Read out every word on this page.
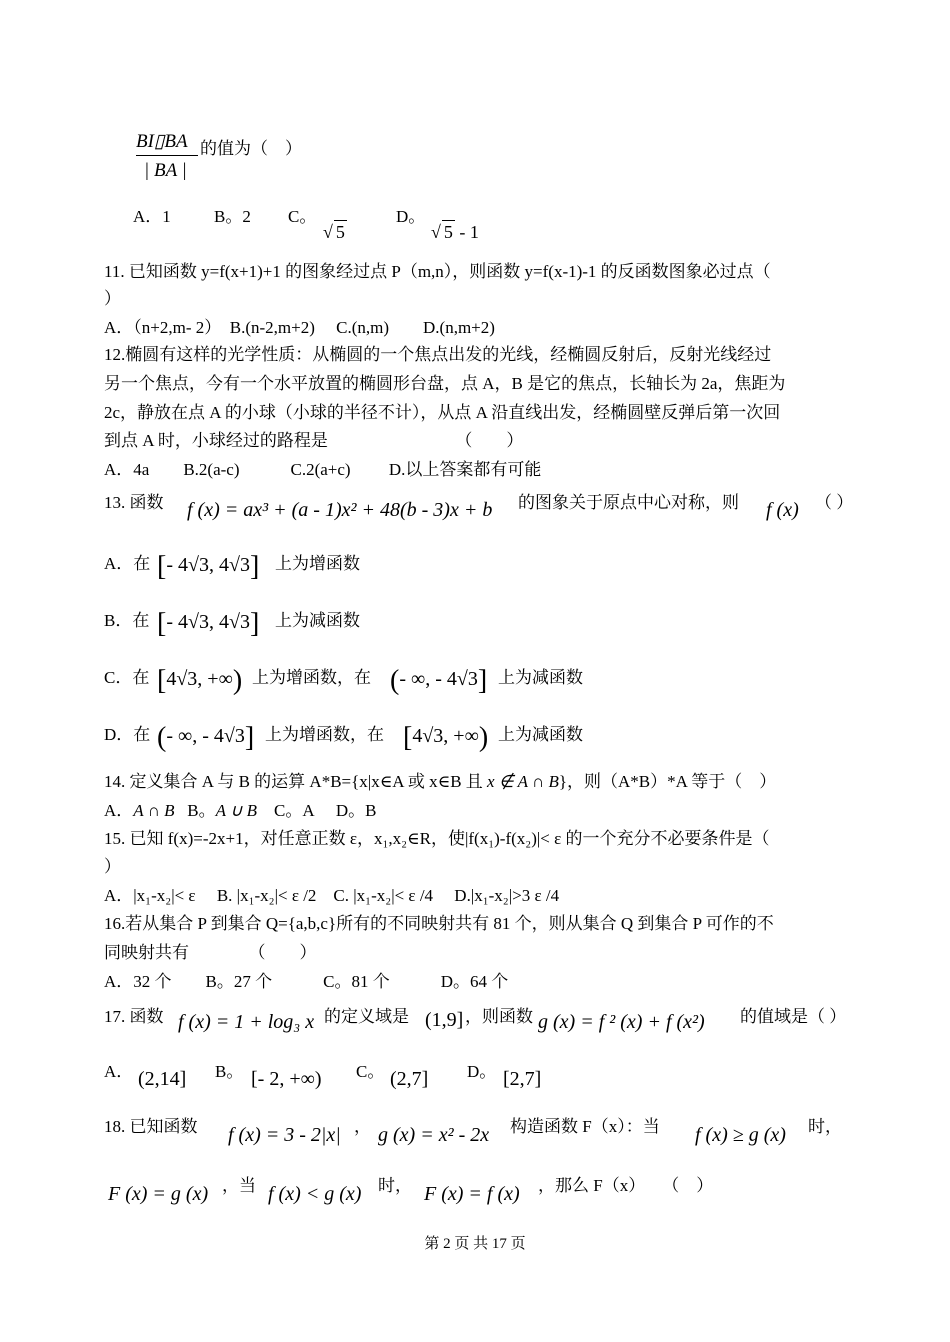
BI▯BA
| BA |
的值为（　）
A．1	B。2 C。
√ 5
D。
√ 5 - 1
11. 已知函数 y=f(x+1)+1 的图象经过点 P（m,n），则函数 y=f(x-1)-1 的反函数图象必过点（
）
A．（n+2,m- 2）　B.(n-2,m+2)　 C.(n,m)　　D.(n,m+2)
12.椭圆有这样的光学性质：从椭圆的一个焦点出发的光线，经椭圆反射后，反射光线经过
另一个焦点，今有一个水平放置的椭圆形台盘，点 A，B 是它的焦点，长轴长为 2a，焦距为
2c，静放在点 A 的小球（小球的半径不计），从点 A 沿直线出发，经椭圆壁反弹后第一次回
到点 A 时，小球经过的路程是　　　　　　　　（　　）
A．4a　　B.2(a-c)　　　C.2(a+c)　　 D.以上答案都有可能
13. 函数 f (x) = ax³ + (a - 1)x² + 48(b - 3)x + b 的图象关于原点中心对称，则 f (x) （ ）
A．在 [- 4√3, 4√3] 上为增函数
B．在 [- 4√3, 4√3] 上为减函数
C．在 [4√3, +∞) 上为增函数，在 (- ∞, - 4√3] 上为减函数
D．在 (- ∞, - 4√3] 上为增函数，在 [4√3, +∞) 上为减函数
14. 定义集合 A 与 B 的运算 A*B={x|x∈A 或 x∈B 且 x ∉ A ∩ B}，则（A*B）*A 等于（　）
A．A ∩ B B。A ∪ B C。A D。B
15. 已知 f(x)=-2x+1，对任意正数 ε，x₁,x₂∈R，使|f(x₁)-f(x₂)|< ε 的一个充分不必要条件是（
）
A．|x₁-x₂|< ε　 B. |x₁-x₂|< ε /2　C. |x₁-x₂|< ε /4　 D.|x₁-x₂|>3 ε /4
16.若从集合 P 到集合 Q={a,b,c}所有的不同映射共有 81 个，则从集合 Q 到集合 P 可作的不
同映射共有　　　　（　　）
A．32 个　　B。27 个　　　C。81 个　　　D。64 个
17. 函数 f (x) = 1 + log₃ x 的定义域是 (1,9] ，则函数 g (x) = f ² (x) + f (x²) 的值域是（ ）
A． (2,14] B。 [- 2, +∞) C。 (2,7] D。 [2,7]
18. 已知函数 f (x) = 3 - 2|x| ， g (x) = x² - 2x 构造函数 F（x）：当 f (x) ≥ g (x) 时，
F (x) = g (x) ，当 f (x) < g (x) 时， F (x) = f (x) ，那么 F（x）　　（　）
第 2 页 共 17 页
